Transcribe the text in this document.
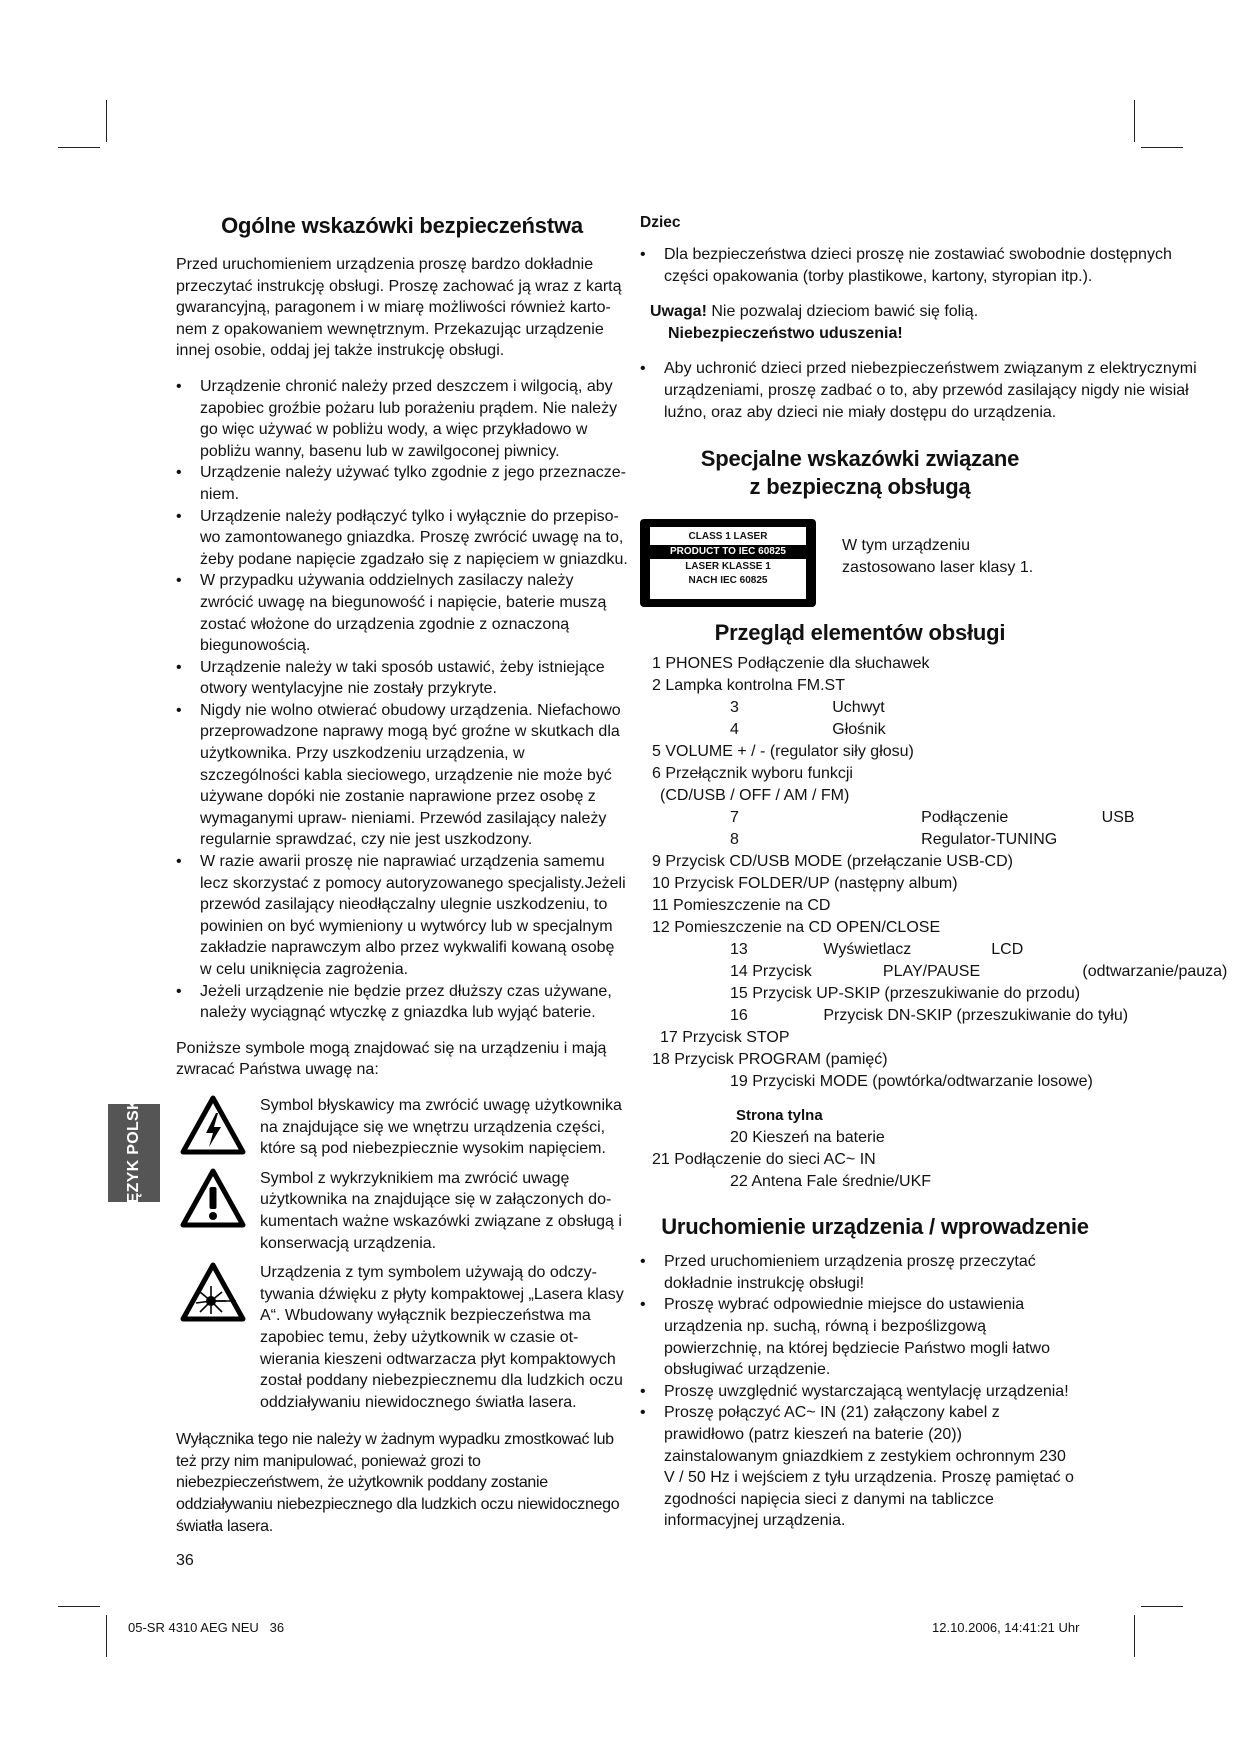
Ogólne wskazówki bezpieczeństwa

Przed uruchomieniem urządzenia proszę bardzo dokładnie przeczytać instrukcję obsługi. Proszę zachować ją wraz z kartą gwarancyjną, paragonem i w miarę możliwości również karto- nem z opakowaniem wewnętrznym. Przekazując urządzenie innej osobie, oddaj jej także instrukcję obsługi.

• Urządzenie chronić należy przed deszczem i wilgocią, aby zapobiec groźbie pożaru lub porażeniu prądem. Nie należy go więc używać w pobliżu wody, a więc przykładowo w pobliżu wanny, basenu lub w zawilgoconej piwnicy.
• Urządzenie należy używać tylko zgodnie z jego przeznacze- niem.
• Urządzenie należy podłączyć tylko i wyłącznie do przepiso- wo zamontowanego gniazdka. Proszę zwrócić uwagę na to, żeby podane napięcie zgadzało się z napięciem w gniazdku.
• W przypadku używania oddzielnych zasilaczy należy zwrócić uwagę na biegunowość i napięcie, baterie muszą zostać włożone do urządzenia zgodnie z oznaczoną biegunowością.
• Urządzenie należy w taki sposób ustawić, żeby istniejące otwory wentylacyjne nie zostały przykryte.
• Nigdy nie wolno otwierać obudowy urządzenia. Niefachowo przeprowadzone naprawy mogą być groźne w skutkach dla użytkownika. Przy uszkodzeniu urządzenia, w szczególności kabla sieciowego, urządzenie nie może być używane dopóki nie zostanie naprawione przez osobę z wymaganymi upraw- nieniami. Przewód zasilający należy regularnie sprawdzać, czy nie jest uszkodzony.
• W razie awarii proszę nie naprawiać urządzenia samemu lecz skorzystać z pomocy autoryzowanego specjalisty.Jeżeli przewód zasilający nieodłączalny ulegnie uszkodzeniu, to powinien on być wymieniony u wytwórcy lub w specjalnym zakładzie naprawczym albo przez wykwalifi kowaną osobę w celu uniknięcia zagrożenia.
• Jeżeli urządzenie nie będzie przez dłuższy czas używane, należy wyciągnąć wtyczkę z gniazdka lub wyjąć baterie.

Poniższe symbole mogą znajdować się na urządzeniu i mają zwracać Państwa uwagę na:

Symbol błyskawicy ma zwrócić uwagę użytkownika na znajdujące się we wnętrzu urządzenia części, które są pod niebezpiecznie wysokim napięciem.

Symbol z wykrzyknikiem ma zwrócić uwagę użytkownika na znajdujące się w załączonych do- kumentach ważne wskazówki związane z obsługą i konserwacją urządzenia.

Urządzenia z tym symbolem używają do odczy- tywania dźwięku z płyty kompaktowej „Lasera klasy A“. Wbudowany wyłącznik bezpieczeństwa ma zapobiec temu, żeby użytkownik w czasie ot- wierania kieszeni odtwarzacza płyt kompaktowych został poddany niebezpiecznemu dla ludzkich oczu oddziaływaniu niewidocznego światła lasera.

Wyłącznika tego nie należy w żadnym wypadku zmostkować lub też przy nim manipulować, ponieważ grozi to niebezpieczeństwem, że użytkownik poddany zostanie oddziaływaniu niebezpiecznego dla ludzkich oczu niewidocznego światła lasera.

Dziec
• Dla bezpieczeństwa dzieci proszę nie zostawiać swobodnie dostępnych części opakowania (torby plastikowe, kartony, styropian itp.).

Uwaga! Nie pozwalaj dzieciom bawić się folią.
Niebezpieczeństwo uduszenia!

• Aby uchronić dzieci przed niebezpieczeństwem związanym z elektrycznymi urządzeniami, proszę zadbać o to, aby przewód zasilający nigdy nie wisiał luźno, oraz aby dzieci nie miały dostępu do urządzenia.
Specjalne wskazówki związane
z bezpieczną obsługą
CLASS 1 LASER
PRODUCT TO IEC 60825
LASER KLASSE 1
NACH IEC 60825
W tym urządzeniu
zastosowano laser klasy 1.
Przegląd elementów obsługi
1 PHONES Podłączenie dla słuchawek
2 Lampka kontrolna FM.ST
3                     Uchwyt
4                     Głośnik
5 VOLUME + / - (regulator siły głosu)
6 Przełącznik wyboru funkcji
(CD/USB / OFF / AM / FM)
7                                         Podłączenie                     USB
8                                         Regulator-TUNING
9 Przycisk CD/USB MODE (przełączanie USB-CD)
10 Przycisk FOLDER/UP (następny album)
11 Pomieszczenie na CD
12 Pomieszczenie na CD OPEN/CLOSE
13                 Wyświetlacz                  LCD
14 Przycisk                PLAY/PAUSE                       (odtwarzanie/pauza)
15 Przycisk UP-SKIP (przeszukiwanie do przodu)
16                 Przycisk DN-SKIP (przeszukiwanie do tyłu)
17 Przycisk STOP
18 Przycisk PROGRAM (pamięć)
19 Przyciski MODE (powtórka/odtwarzanie losowe)
Strona tylna
20 Kieszeń na baterie
21 Podłączenie do sieci AC~ IN
22 Antena Fale średnie/UKF
Uruchomienie urządzenia / wprowadzenie
• Przed uruchomieniem urządzenia proszę przeczytać dokładnie instrukcję obsługi!
• Proszę wybrać odpowiednie miejsce do ustawienia urządzenia np. suchą, równą i bezpoślizgową powierzchnię, na której będziecie Państwo mogli łatwo obsługiwać urządzenie.
• Proszę uwzględnić wystarczającą wentylację urządzenia!
• Proszę połączyć AC~ IN (21) załączony kabel z prawidłowo (patrz kieszeń na baterie (20)) zainstalowanym gniazdkiem z zestykiem ochronnym 230 V / 50 Hz i wejściem z tyłu urządzenia. Proszę pamiętać o zgodności napięcia sieci z danymi na tabliczce informacyjnej urządzenia.
JĘZYK POLSKI
36
05-SR 4310 AEG NEU   36	12.10.2006, 14:41:21 Uhr
